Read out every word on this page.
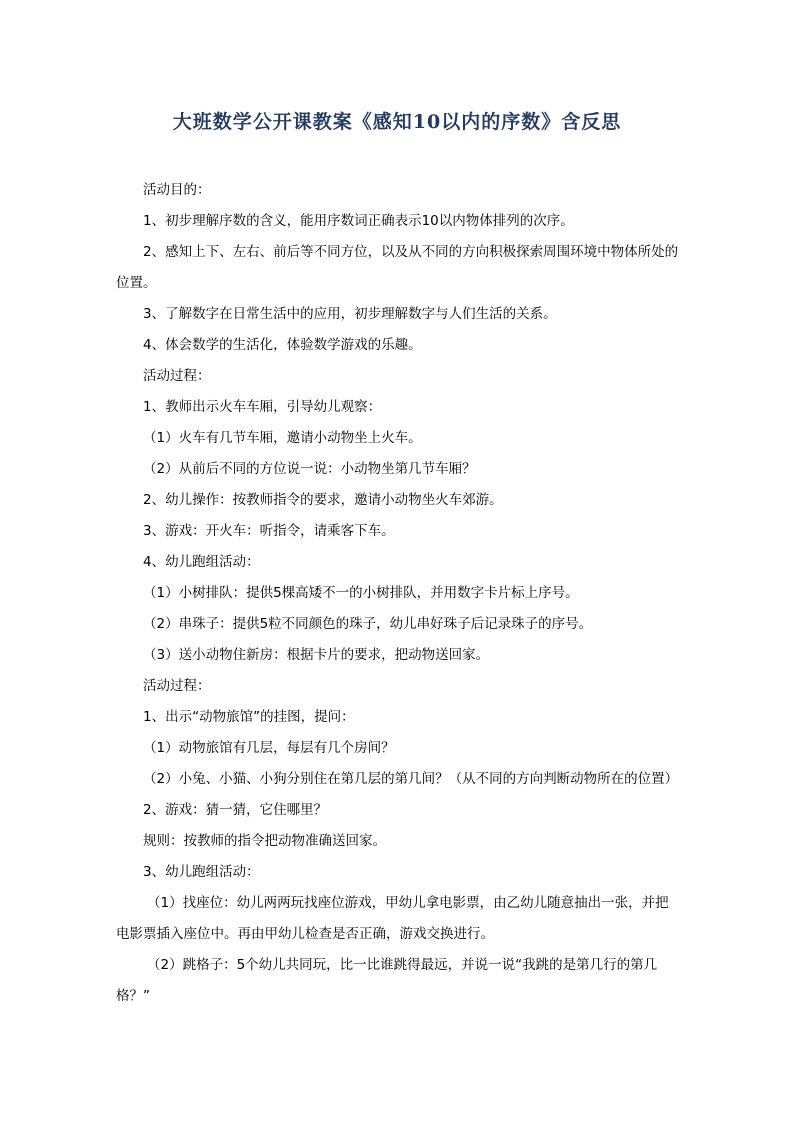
大班数学公开课教案《感知10以内的序数》含反思

活动目的：

1、初步理解序数的含义，能用序数词正确表示10以内物体排列的次序。

2、感知上下、左右、前后等不同方位，以及从不同的方向积极探索周围环境中物体所处的位置。

3、了解数字在日常生活中的应用，初步理解数字与人们生活的关系。

4、体会数学的生活化，体验数学游戏的乐趣。

活动过程：

1、教师出示火车车厢，引导幼儿观察：

（1）火车有几节车厢，邀请小动物坐上火车。

（2）从前后不同的方位说一说：小动物坐第几节车厢？

2、幼儿操作：按教师指令的要求，邀请小动物坐火车郊游。

3、游戏：开火车：听指令，请乘客下车。

4、幼儿跑组活动：

（1）小树排队：提供5棵高矮不一的小树排队，并用数字卡片标上序号。

（2）串珠子：提供5粒不同颜色的珠子，幼儿串好珠子后记录珠子的序号。

（3）送小动物住新房：根据卡片的要求，把动物送回家。

活动过程：

1、出示“动物旅馆”的挂图，提问：

（1）动物旅馆有几层，每层有几个房间？

（2）小兔、小猫、小狗分别住在第几层的第几间？（从不同的方向判断动物所在的位置）

2、游戏：猜一猜，它住哪里？

规则：按教师的指令把动物准确送回家。

3、幼儿跑组活动：

（1）找座位：幼儿两两玩找座位游戏，甲幼儿拿电影票，由乙幼儿随意抽出一张，并把电影票插入座位中。再由甲幼儿检查是否正确，游戏交换进行。

（2）跳格子：5个幼儿共同玩，比一比谁跳得最远，并说一说“我跳的是第几行的第几格？”
